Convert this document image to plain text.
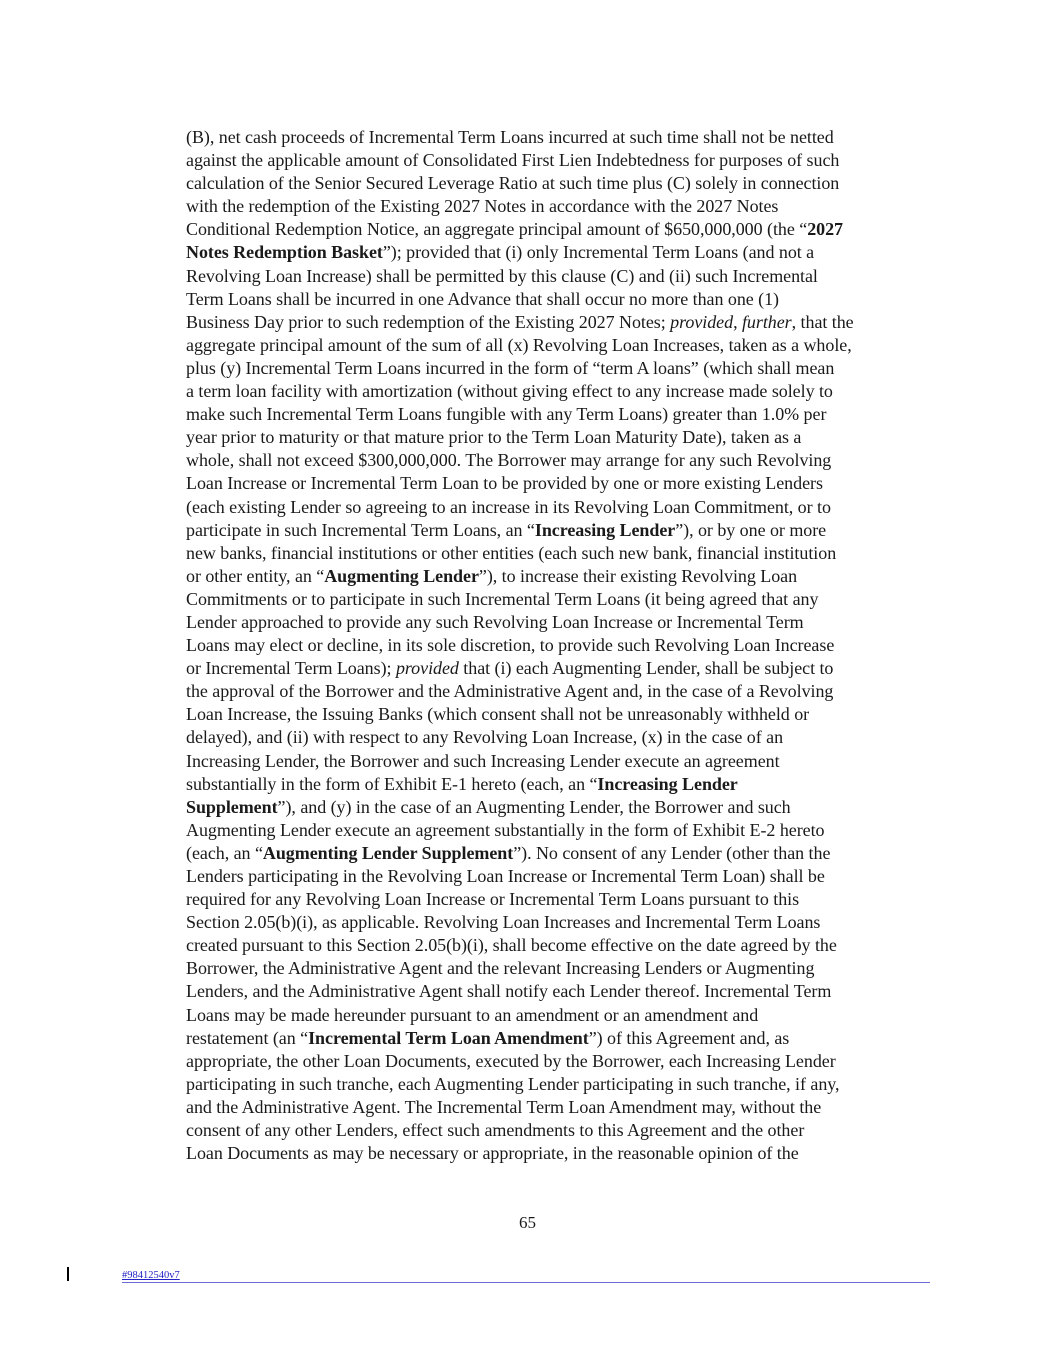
(B), net cash proceeds of Incremental Term Loans incurred at such time shall not be netted
against the applicable amount of Consolidated First Lien Indebtedness for purposes of such
calculation of the Senior Secured Leverage Ratio at such time plus (C) solely in connection
with the redemption of the Existing 2027 Notes in accordance with the 2027 Notes
Conditional Redemption Notice, an aggregate principal amount of $650,000,000 (the “2027
Notes Redemption Basket”); provided that (i) only Incremental Term Loans (and not a
Revolving Loan Increase) shall be permitted by this clause (C) and (ii) such Incremental
Term Loans shall be incurred in one Advance that shall occur no more than one (1)
Business Day prior to such redemption of the Existing 2027 Notes; provided, further, that the
aggregate principal amount of the sum of all (x) Revolving Loan Increases, taken as a whole,
plus (y) Incremental Term Loans incurred in the form of “term A loans” (which shall mean
a term loan facility with amortization (without giving effect to any increase made solely to
make such Incremental Term Loans fungible with any Term Loans) greater than 1.0% per
year prior to maturity or that mature prior to the Term Loan Maturity Date), taken as a
whole, shall not exceed $300,000,000. The Borrower may arrange for any such Revolving
Loan Increase or Incremental Term Loan to be provided by one or more existing Lenders
(each existing Lender so agreeing to an increase in its Revolving Loan Commitment, or to
participate in such Incremental Term Loans, an “Increasing Lender”), or by one or more
new banks, financial institutions or other entities (each such new bank, financial institution
or other entity, an “Augmenting Lender”), to increase their existing Revolving Loan
Commitments or to participate in such Incremental Term Loans (it being agreed that any
Lender approached to provide any such Revolving Loan Increase or Incremental Term
Loans may elect or decline, in its sole discretion, to provide such Revolving Loan Increase
or Incremental Term Loans); provided that (i) each Augmenting Lender, shall be subject to
the approval of the Borrower and the Administrative Agent and, in the case of a Revolving
Loan Increase, the Issuing Banks (which consent shall not be unreasonably withheld or
delayed), and (ii) with respect to any Revolving Loan Increase, (x) in the case of an
Increasing Lender, the Borrower and such Increasing Lender execute an agreement
substantially in the form of Exhibit E-1 hereto (each, an “Increasing Lender
Supplement”), and (y) in the case of an Augmenting Lender, the Borrower and such
Augmenting Lender execute an agreement substantially in the form of Exhibit E-2 hereto
(each, an “Augmenting Lender Supplement”). No consent of any Lender (other than the
Lenders participating in the Revolving Loan Increase or Incremental Term Loan) shall be
required for any Revolving Loan Increase or Incremental Term Loans pursuant to this
Section 2.05(b)(i), as applicable. Revolving Loan Increases and Incremental Term Loans
created pursuant to this Section 2.05(b)(i), shall become effective on the date agreed by the
Borrower, the Administrative Agent and the relevant Increasing Lenders or Augmenting
Lenders, and the Administrative Agent shall notify each Lender thereof. Incremental Term
Loans may be made hereunder pursuant to an amendment or an amendment and
restatement (an “Incremental Term Loan Amendment”) of this Agreement and, as
appropriate, the other Loan Documents, executed by the Borrower, each Increasing Lender
participating in such tranche, each Augmenting Lender participating in such tranche, if any,
and the Administrative Agent. The Incremental Term Loan Amendment may, without the
consent of any other Lenders, effect such amendments to this Agreement and the other
Loan Documents as may be necessary or appropriate, in the reasonable opinion of the
65
#98412540v7
